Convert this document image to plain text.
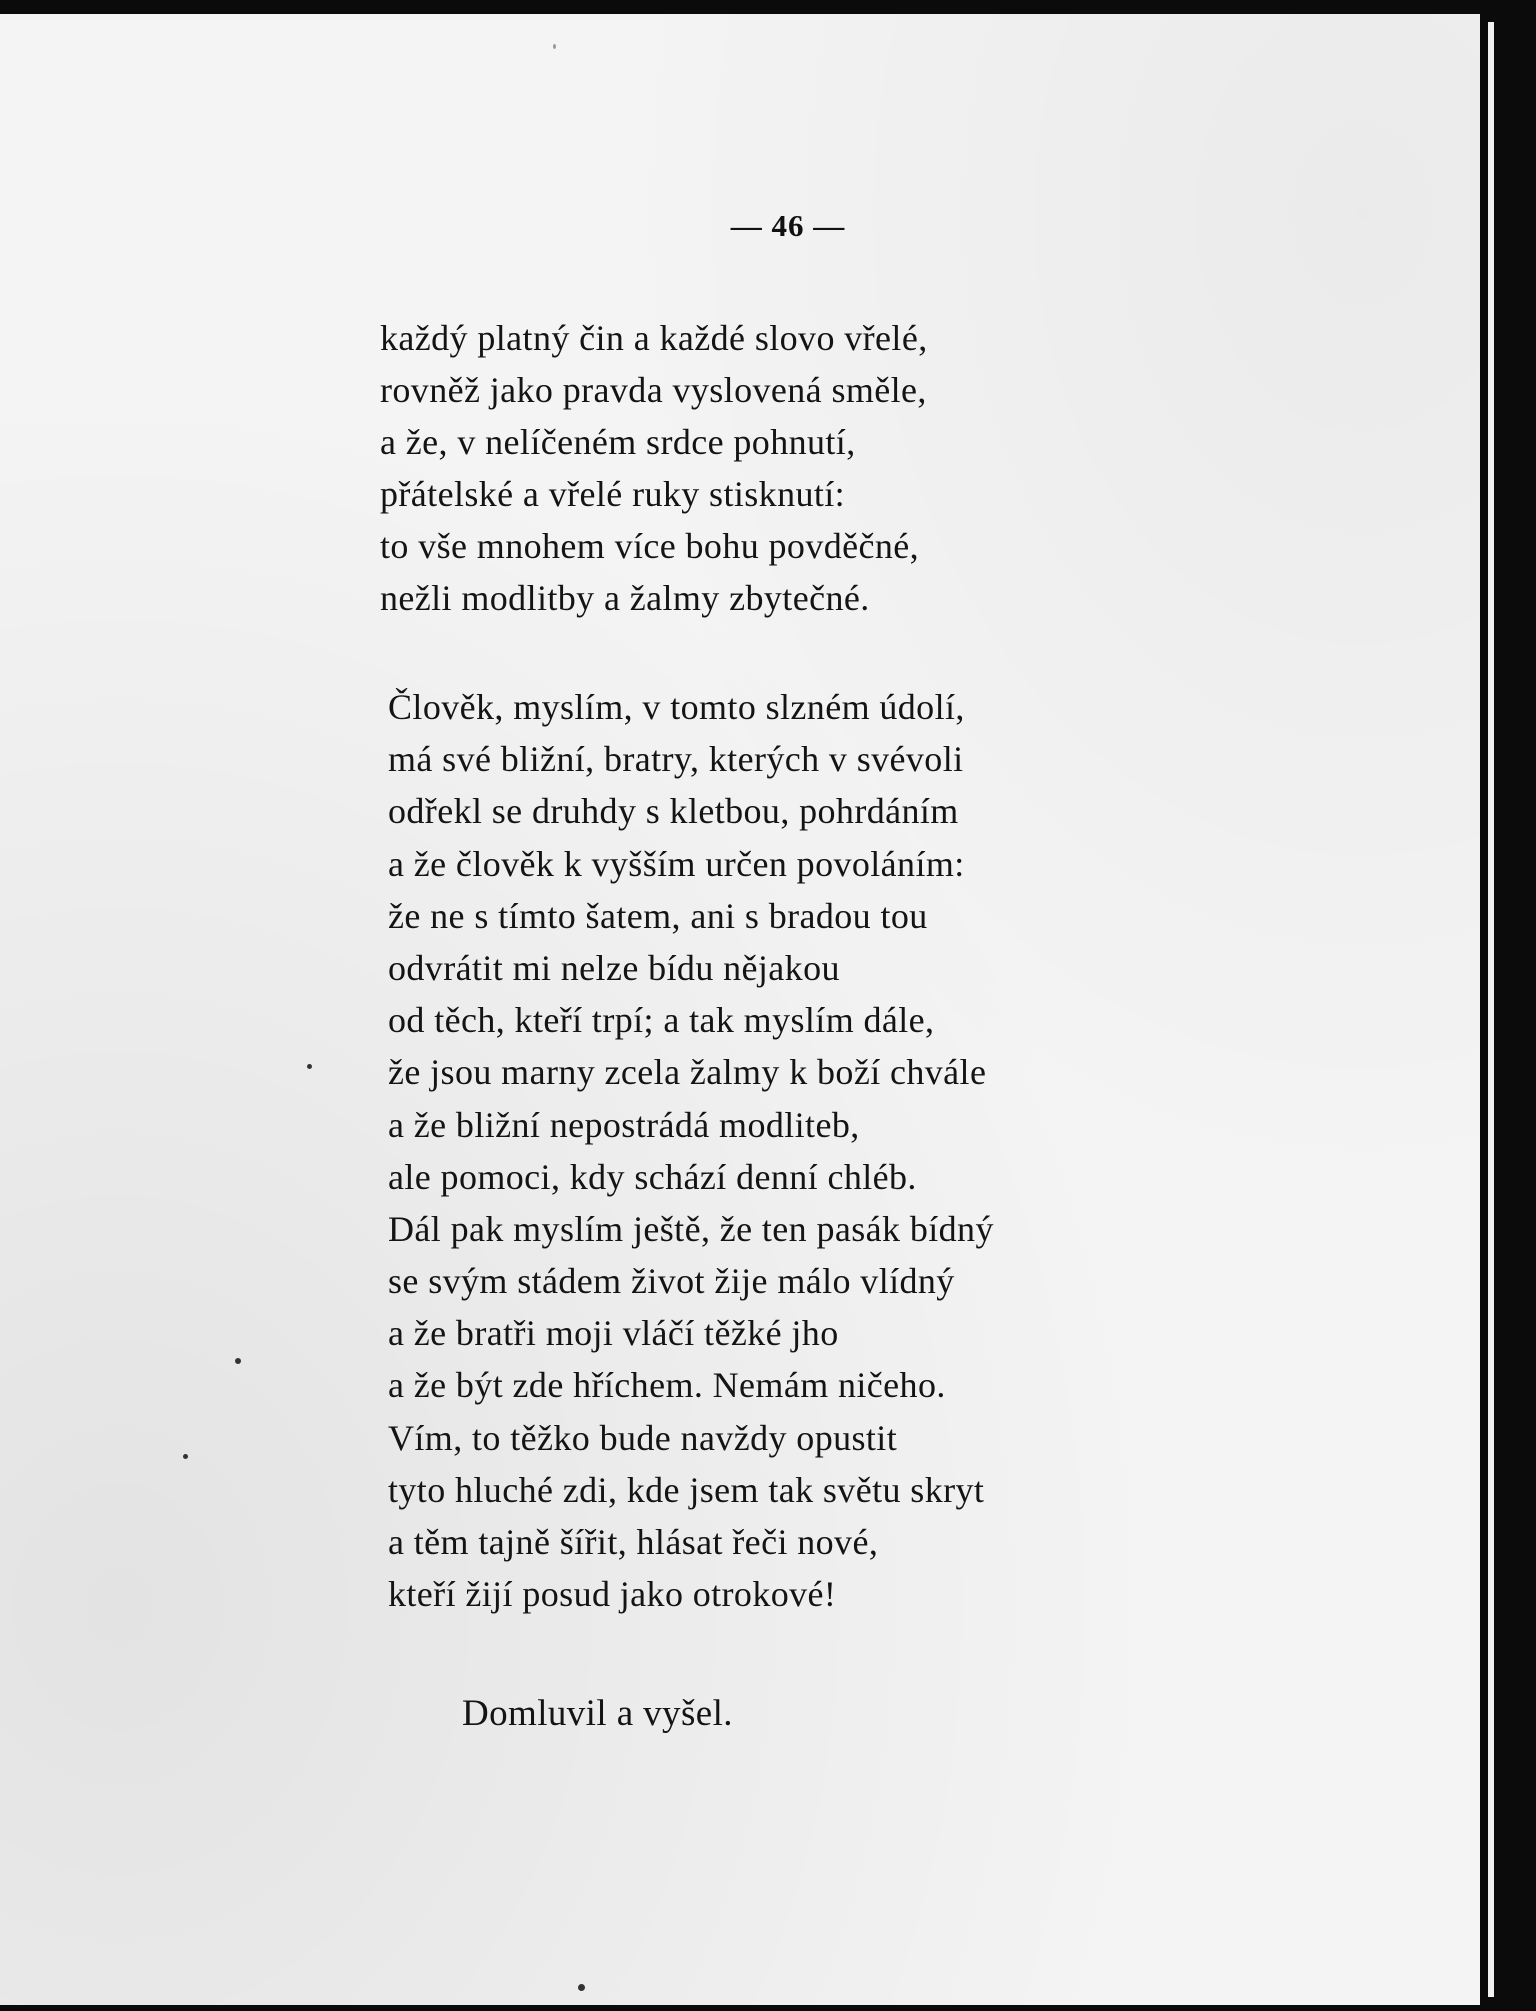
— 46 —
každý platný čin a každé slovo vřelé,
rovněž jako pravda vyslovená směle,
a že, v nelíčeném srdce pohnutí,
přátelské a vřelé ruky stisknutí:
to vše mnohem více bohu povděčné,
nežli modlitby a žalmy zbytečné.
Člověk, myslím, v tomto slzném údolí,
má své bližní, bratry, kterých v svévoli
odřekl se druhdy s kletbou, pohrdáním
a že člověk k vyšším určen povoláním:
že ne s tímto šatem, ani s bradou tou
odvrátit mi nelze bídu nějakou
od těch, kteří trpí; a tak myslím dále,
že jsou marny zcela žalmy k boží chvále
a že bližní nepostrádá modliteb,
ale pomoci, kdy schází denní chléb.
Dál pak myslím ještě, že ten pasák bídný
se svým stádem život žije málo vlídný
a že bratři moji vláčí těžké jho
a že být zde hříchem. Nemám ničeho.
Vím, to těžko bude navždy opustit
tyto hluché zdi, kde jsem tak světu skryt
a těm tajně šířit, hlásat řeči nové,
kteří žijí posud jako otrokové!
Domluvil a vyšel.
